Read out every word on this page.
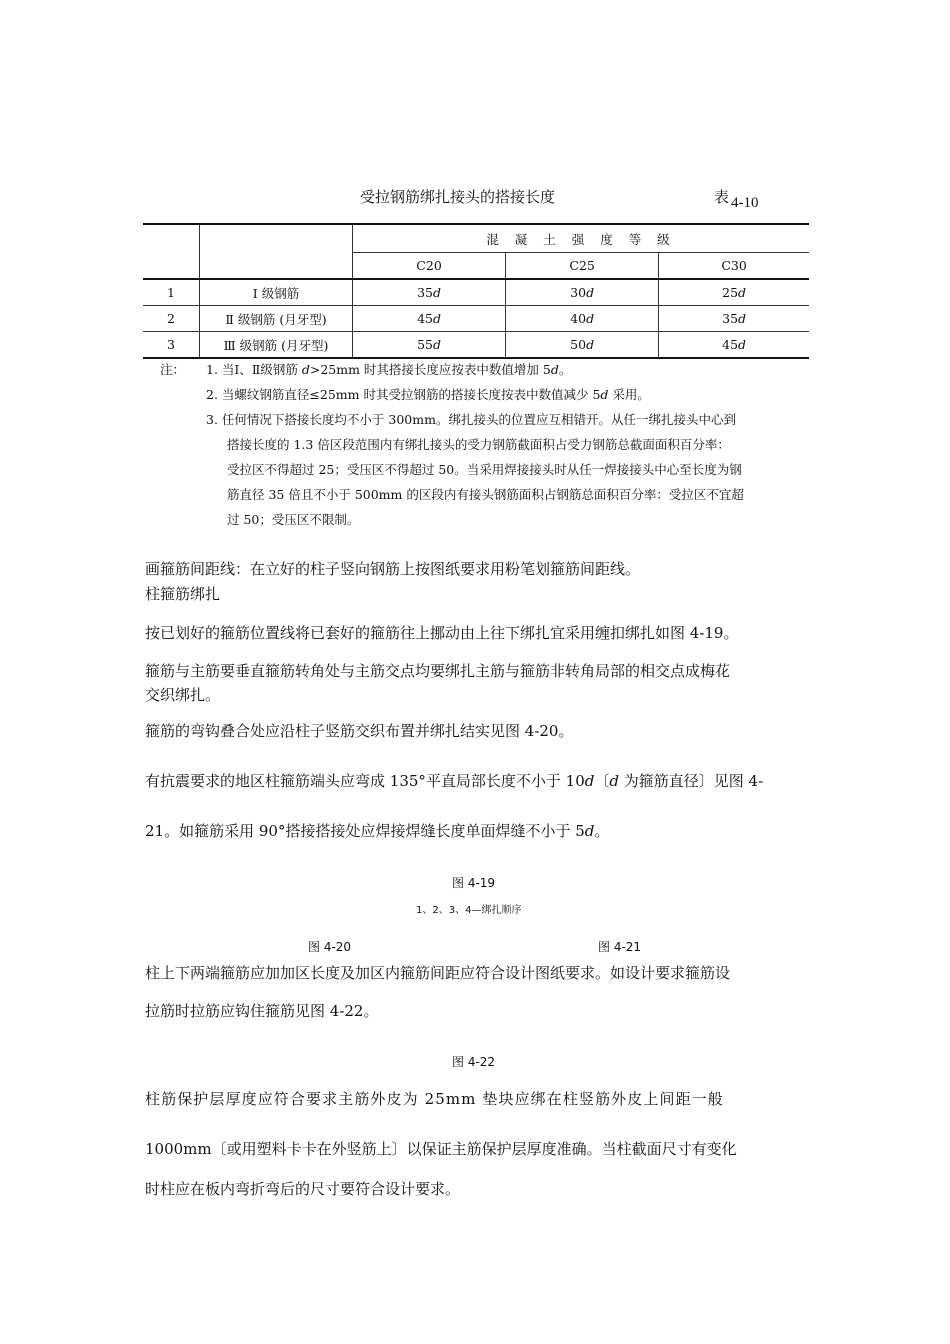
受拉钢筋绑扎接头的搭接长度	表 4-10
		混 凝 土 强 度 等 级		
		C20	C25	C30
1	Ⅰ 级钢筋	35d	30d	25d
2	Ⅱ 级钢筋 (月牙型)	45d	40d	35d
3	Ⅲ 级钢筋 (月牙型)	55d	50d	45d
注： 1. 当Ⅰ、Ⅱ级钢筋 d>25mm 时其搭接长度应按表中数值增加 5d。
2. 当螺纹钢筋直径≤25mm 时其受拉钢筋的搭接长度按表中数值减少 5d 采用。
3. 任何情况下搭接长度均不小于 300mm。绑扎接头的位置应互相错开。从任一绑扎接头中心到
搭接长度的 1.3 倍区段范围内有绑扎接头的受力钢筋截面积占受力钢筋总截面面积百分率：
受拉区不得超过 25；受压区不得超过 50。当采用焊接接头时从任一焊接接头中心至长度为钢
筋直径 35 倍且不小于 500mm 的区段内有接头钢筋面积占钢筋总面积百分率：受拉区不宜超
过 50；受压区不限制。
画箍筋间距线：在立好的柱子竖向钢筋上按图纸要求用粉笔划箍筋间距线。
柱箍筋绑扎
按已划好的箍筋位置线将已套好的箍筋往上挪动由上往下绑扎宜采用缠扣绑扎如图 4-19。
箍筋与主筋要垂直箍筋转角处与主筋交点均要绑扎主筋与箍筋非转角局部的相交点成梅花
交织绑扎。
箍筋的弯钩叠合处应沿柱子竖筋交织布置并绑扎结实见图 4-20。
有抗震要求的地区柱箍筋端头应弯成 135°平直局部长度不小于 10d〔d 为箍筋直径〕见图 4-
21。如箍筋采用 90°搭接搭接处应焊接焊缝长度单面焊缝不小于 5d。
图 4-19
1、2、3、4—绑扎顺序
图 4-20	图 4-21
柱上下两端箍筋应加加区长度及加区内箍筋间距应符合设计图纸要求。如设计要求箍筋设
拉筋时拉筋应钩住箍筋见图 4-22。
图 4-22
柱筋保护层厚度应符合要求主筋外皮为 25mm 垫块应绑在柱竖筋外皮上间距一般
1000mm〔或用塑料卡卡在外竖筋上〕以保证主筋保护层厚度准确。当柱截面尺寸有变化
时柱应在板内弯折弯后的尺寸要符合设计要求。
